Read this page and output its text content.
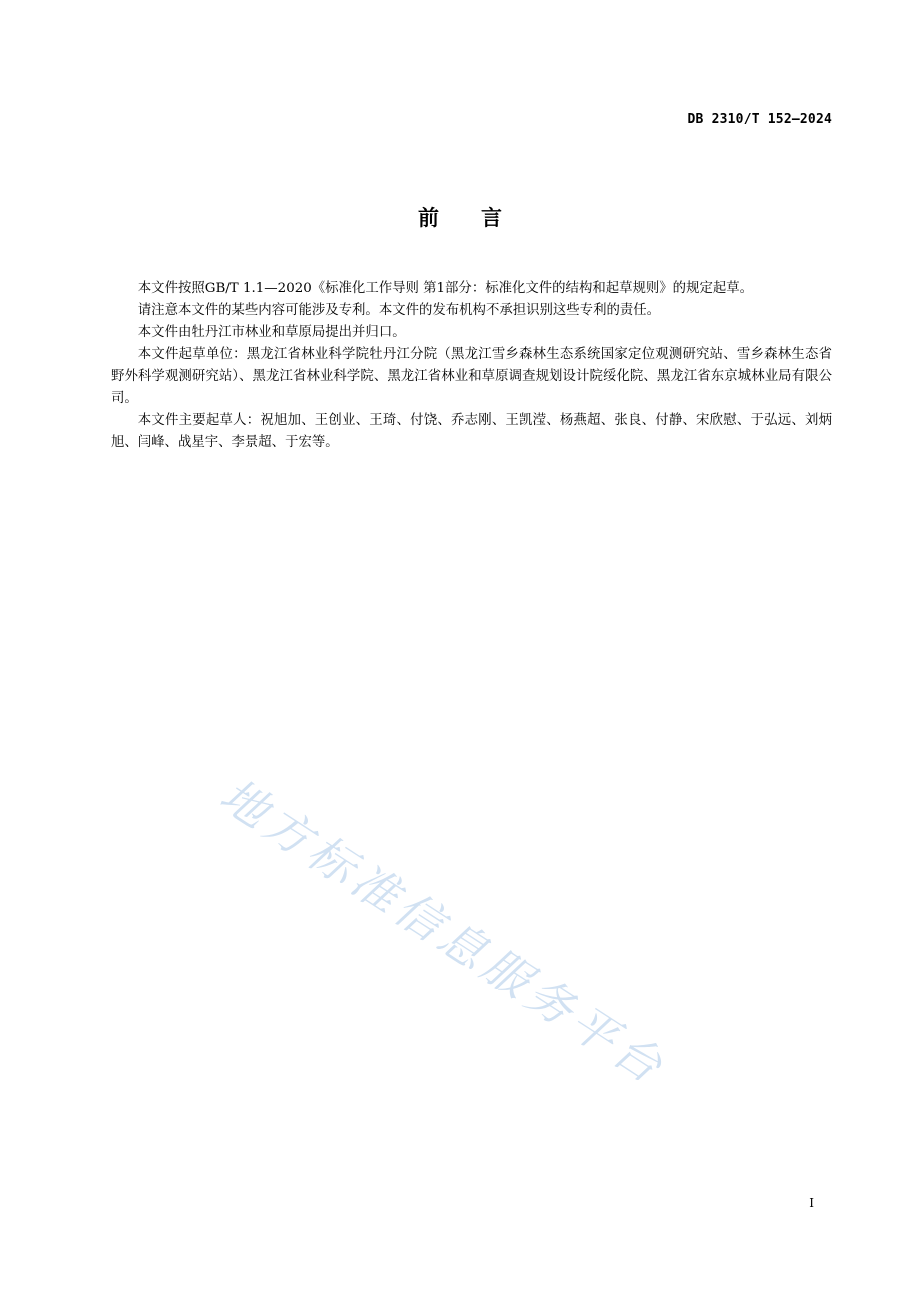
DB 2310/T 152—2024
前言

本文件按照GB/T 1.1—2020《标准化工作导则 第1部分：标准化文件的结构和起草规则》的规定起草。

请注意本文件的某些内容可能涉及专利。本文件的发布机构不承担识别这些专利的责任。

本文件由牡丹江市林业和草原局提出并归口。

本文件起草单位：黑龙江省林业科学院牡丹江分院（黑龙江雪乡森林生态系统国家定位观测研究站、雪乡森林生态省野外科学观测研究站）、黑龙江省林业科学院、黑龙江省林业和草原调查规划设计院绥化院、黑龙江省东京城林业局有限公司。

本文件主要起草人：祝旭加、王创业、王琦、付饶、乔志刚、王凯滢、杨燕超、张良、付静、宋欣慰、于弘远、刘炳旭、闫峰、战星宇、李景超、于宏等。

地方标准信息服务平台
I
